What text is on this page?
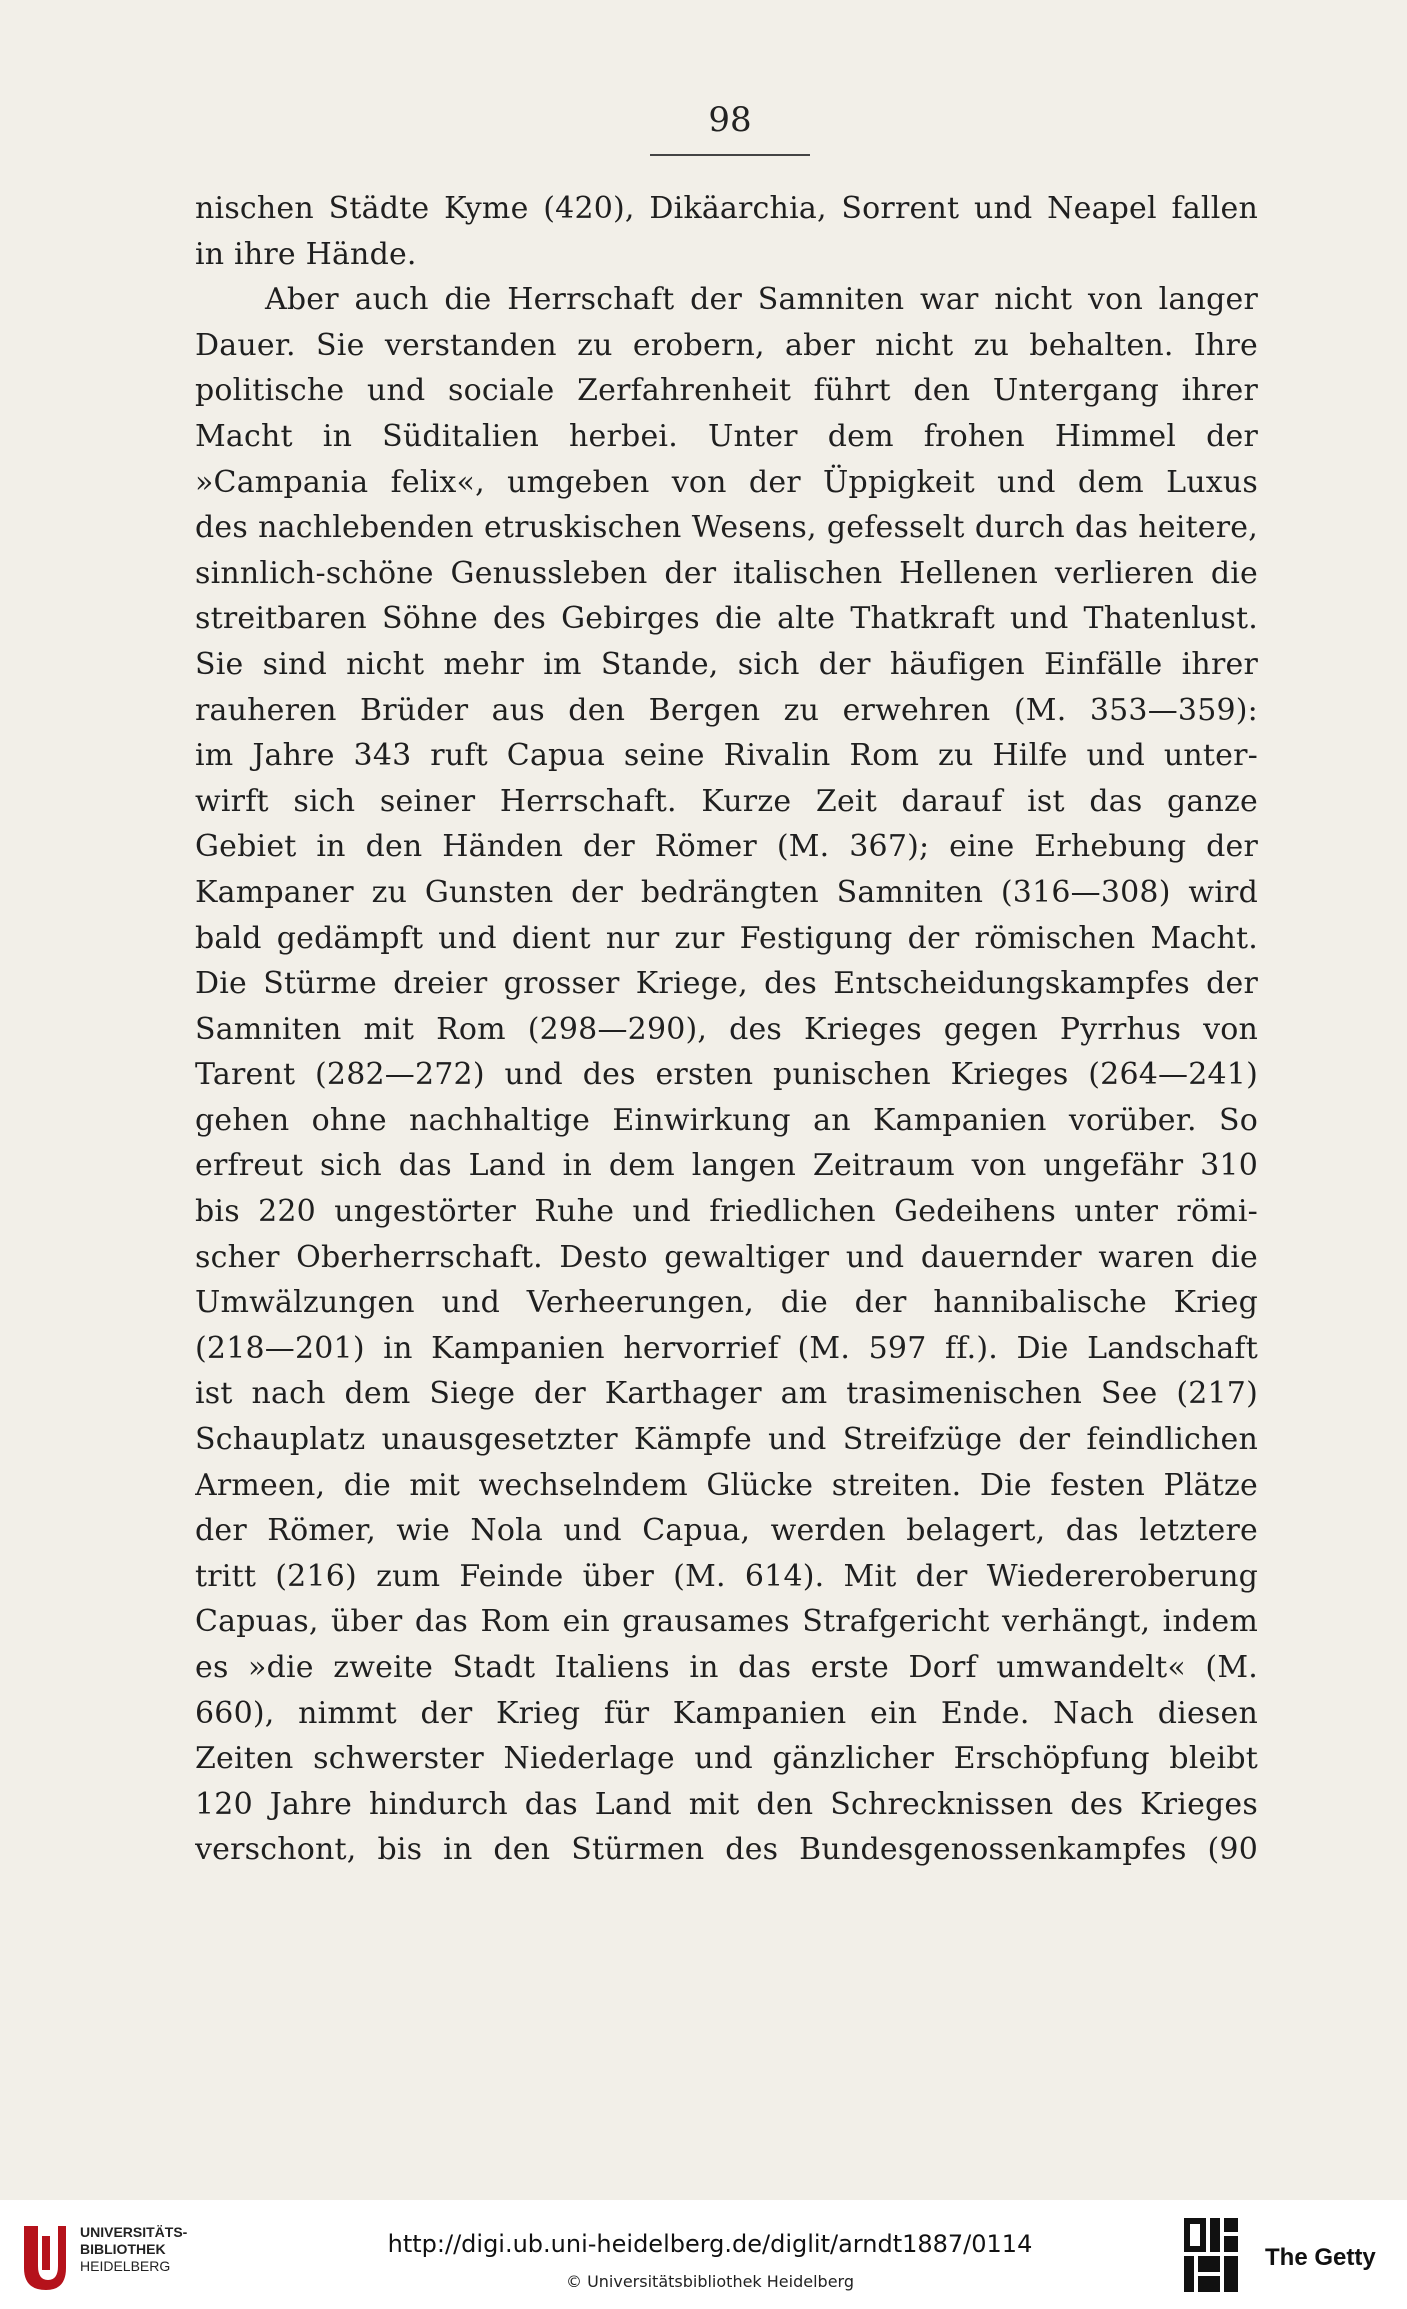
98
nischen Städte Kyme (420), Dikäarchia, Sorrent und Neapel fallen
in ihre Hände.
Aber auch die Herrschaft der Samniten war nicht von langer
Dauer. Sie verstanden zu erobern, aber nicht zu behalten. Ihre
politische und sociale Zerfahrenheit führt den Untergang ihrer
Macht in Süditalien herbei. Unter dem frohen Himmel der
»Campania felix«, umgeben von der Üppigkeit und dem Luxus
des nachlebenden etruskischen Wesens, gefesselt durch das heitere,
sinnlich-schöne Genussleben der italischen Hellenen verlieren die
streitbaren Söhne des Gebirges die alte Thatkraft und Thatenlust.
Sie sind nicht mehr im Stande, sich der häufigen Einfälle ihrer
rauheren Brüder aus den Bergen zu erwehren (M. 353—359):
im Jahre 343 ruft Capua seine Rivalin Rom zu Hilfe und unter-
wirft sich seiner Herrschaft. Kurze Zeit darauf ist das ganze
Gebiet in den Händen der Römer (M. 367); eine Erhebung der
Kampaner zu Gunsten der bedrängten Samniten (316—308) wird
bald gedämpft und dient nur zur Festigung der römischen Macht.
Die Stürme dreier grosser Kriege, des Entscheidungskampfes der
Samniten mit Rom (298—290), des Krieges gegen Pyrrhus von
Tarent (282—272) und des ersten punischen Krieges (264—241)
gehen ohne nachhaltige Einwirkung an Kampanien vorüber. So
erfreut sich das Land in dem langen Zeitraum von ungefähr 310
bis 220 ungestörter Ruhe und friedlichen Gedeihens unter römi-
scher Oberherrschaft. Desto gewaltiger und dauernder waren die
Umwälzungen und Verheerungen, die der hannibalische Krieg
(218—201) in Kampanien hervorrief (M. 597 ff.). Die Landschaft
ist nach dem Siege der Karthager am trasimenischen See (217)
Schauplatz unausgesetzter Kämpfe und Streifzüge der feindlichen
Armeen, die mit wechselndem Glücke streiten. Die festen Plätze
der Römer, wie Nola und Capua, werden belagert, das letztere
tritt (216) zum Feinde über (M. 614). Mit der Wiedereroberung
Capuas, über das Rom ein grausames Strafgericht verhängt, indem
es »die zweite Stadt Italiens in das erste Dorf umwandelt« (M.
660), nimmt der Krieg für Kampanien ein Ende. Nach diesen
Zeiten schwerster Niederlage und gänzlicher Erschöpfung bleibt
120 Jahre hindurch das Land mit den Schrecknissen des Krieges
verschont, bis in den Stürmen des Bundesgenossenkampfes (90
UNIVERSITÄTS-
BIBLIOTHEK
HEIDELBERG
http://digi.ub.uni-heidelberg.de/diglit/arndt1887/0114
© Universitätsbibliothek Heidelberg
The Getty
